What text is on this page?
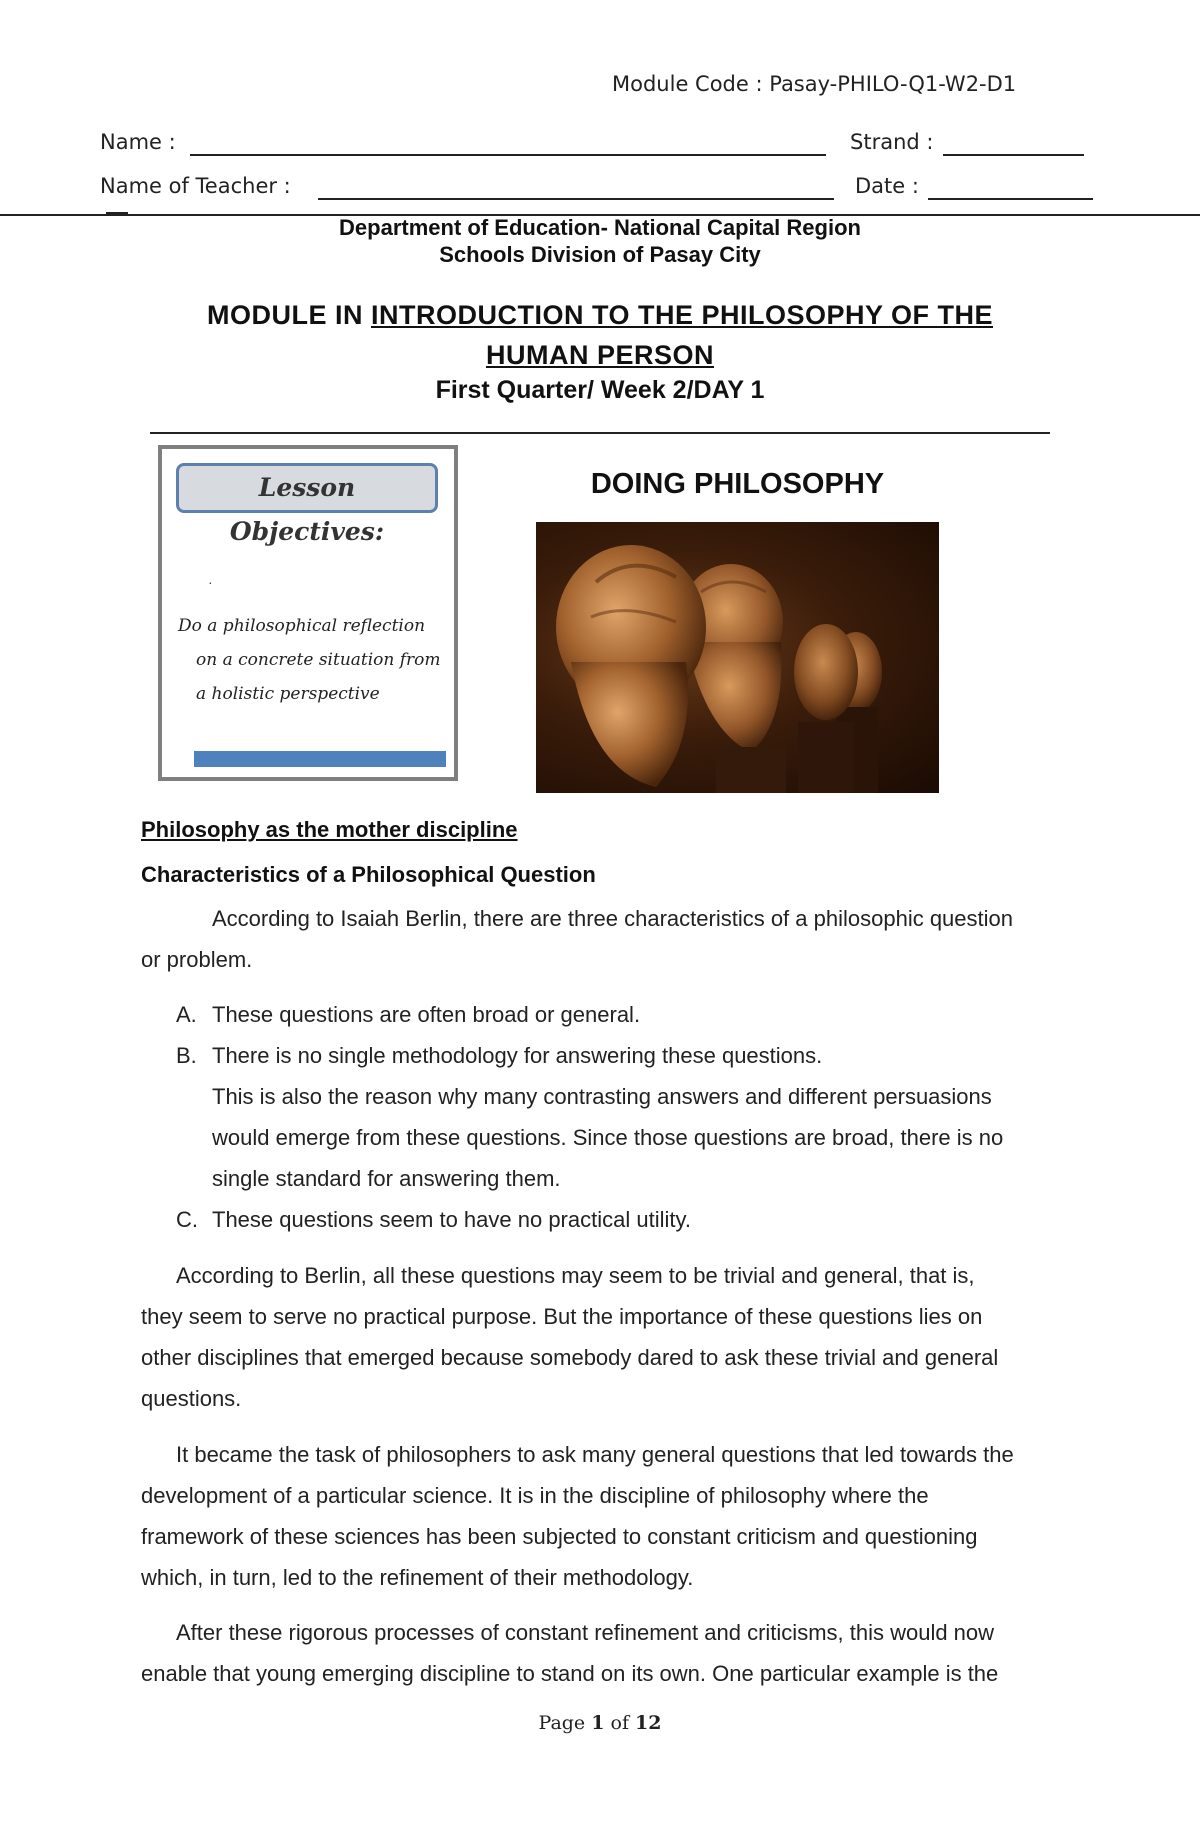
Module Code : Pasay-PHILO-Q1-W2-D1
Name :	Strand :
Name of Teacher :	Date :
Department of Education- National Capital Region
Schools Division of Pasay City
MODULE IN INTRODUCTION TO THE PHILOSOPHY OF THE
HUMAN PERSON
First Quarter/ Week 2/DAY 1
Lesson Objectives:
·
Do a philosophical reflection
on a concrete situation from
a holistic perspective
DOING PHILOSOPHY
Philosophy as the mother discipline
Characteristics of a Philosophical Question
According to Isaiah Berlin, there are three characteristics of a philosophic question
or problem.
A. These questions are often broad or general.
B. There is no single methodology for answering these questions.
This is also the reason why many contrasting answers and different persuasions
would emerge from these questions. Since those questions are broad, there is no
single standard for answering them.
C. These questions seem to have no practical utility.
According to Berlin, all these questions may seem to be trivial and general, that is,
they seem to serve no practical purpose. But the importance of these questions lies on
other disciplines that emerged because somebody dared to ask these trivial and general
questions.
It became the task of philosophers to ask many general questions that led towards the
development of a particular science. It is in the discipline of philosophy where the
framework of these sciences has been subjected to constant criticism and questioning
which, in turn, led to the refinement of their methodology.
After these rigorous processes of constant refinement and criticisms, this would now
enable that young emerging discipline to stand on its own. One particular example is the
Page 1 of 12
